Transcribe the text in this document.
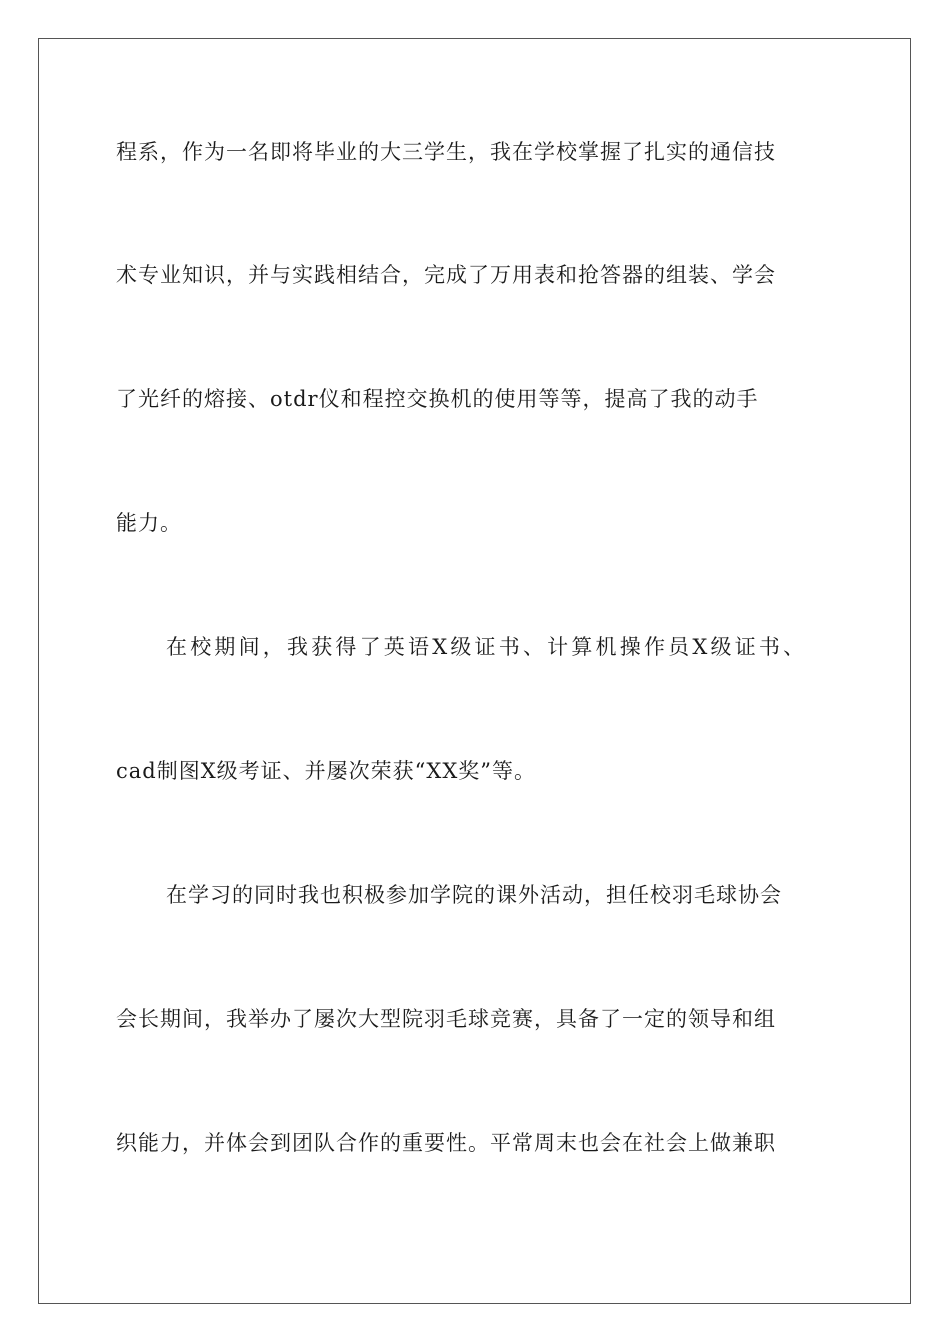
程系，作为一名即将毕业的大三学生，我在学校掌握了扎实的通信技
术专业知识，并与实践相结合，完成了万用表和抢答器的组装、学会
了光纤的熔接、otdr仪和程控交换机的使用等等，提高了我的动手
能力。
在校期间，我获得了英语X级证书、计算机操作员X级证书、
cad制图X级考证、并屡次荣获“XX奖”等。
在学习的同时我也积极参加学院的课外活动，担任校羽毛球协会
会长期间，我举办了屡次大型院羽毛球竞赛，具备了一定的领导和组
织能力，并体会到团队合作的重要性。平常周末也会在社会上做兼职
